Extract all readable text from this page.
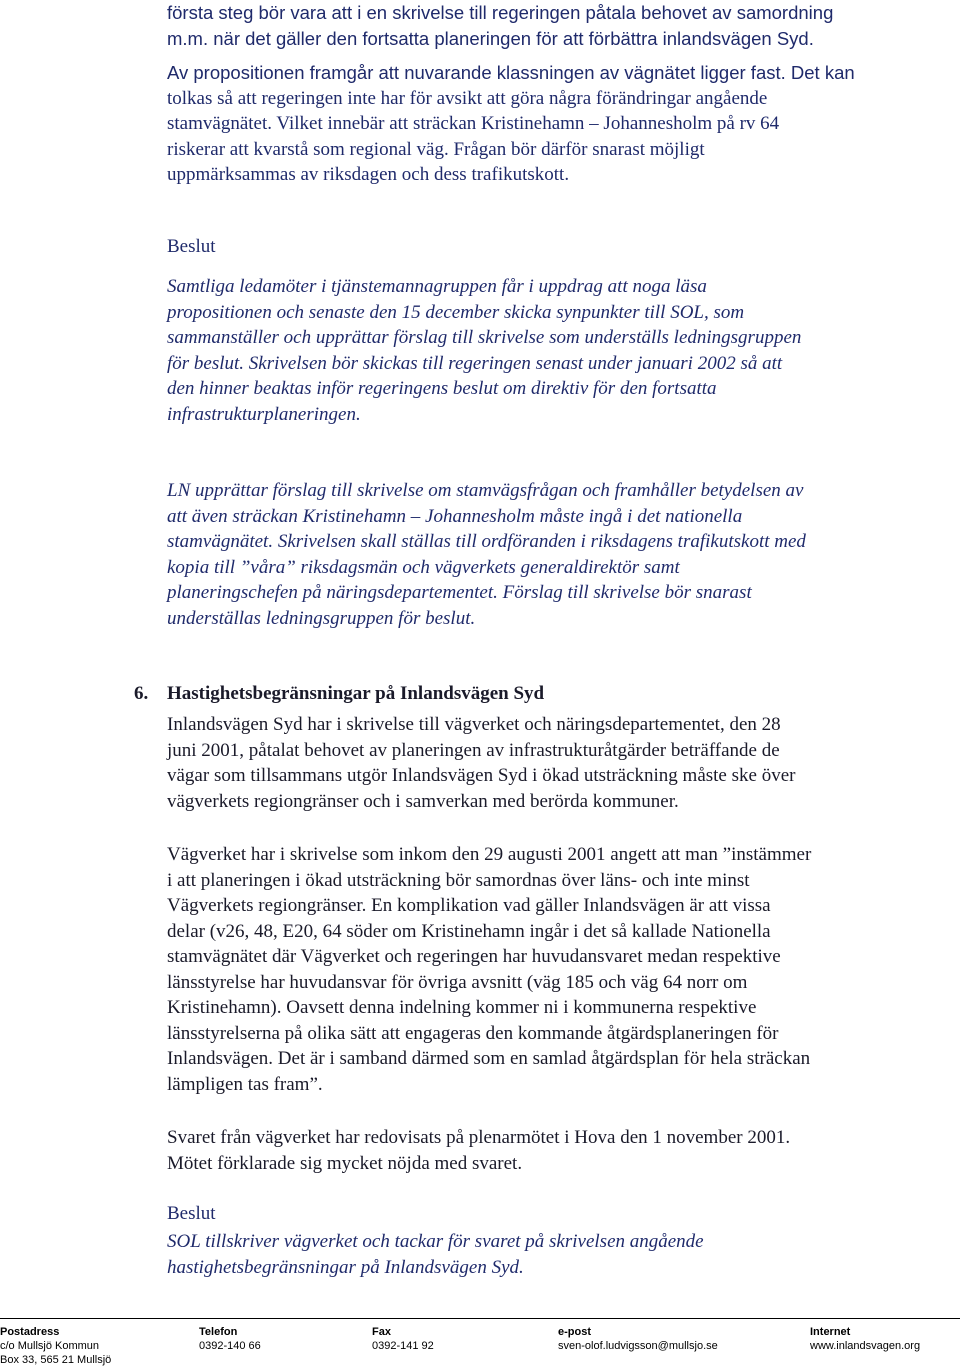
första steg bör vara att i en skrivelse till regeringen påtala behovet av samordning
m.m. när det gäller den fortsatta planeringen för att förbättra inlandsvägen Syd.
Av propositionen framgår att nuvarande klassningen av vägnätet ligger fast. Det kan
tolkas så att regeringen inte har för avsikt att göra några förändringar angående
stamvägnätet. Vilket innebär att sträckan Kristinehamn – Johannesholm på rv 64
riskerar att kvarstå som regional väg. Frågan bör därför snarast möjligt
uppmärksammas av riksdagen och dess trafikutskott.
Beslut
Samtliga ledamöter i tjänstemannagruppen får i uppdrag att noga läsa
propositionen och senaste den 15 december skicka synpunkter till SOL, som
sammanställer och upprättar förslag till skrivelse som underställs ledningsgruppen
för beslut. Skrivelsen bör skickas till regeringen senast under januari 2002 så att
den hinner beaktas inför regeringens beslut om direktiv för den fortsatta
infrastrukturplaneringen.
LN upprättar förslag till skrivelse om stamvägsfrågan och framhåller betydelsen av
att även sträckan Kristinehamn – Johannesholm måste ingå i det nationella
stamvägnätet. Skrivelsen skall ställas till ordföranden i riksdagens trafikutskott med
kopia till ”våra” riksdagsmän och vägverkets generaldirektör samt
planeringschefen på näringsdepartementet. Förslag till skrivelse bör snarast
underställas ledningsgruppen för beslut.
6. Hastighetsbegränsningar på Inlandsvägen Syd
Inlandsvägen Syd har i skrivelse till vägverket och näringsdepartementet, den 28
juni 2001, påtalat behovet av planeringen av infrastrukturåtgärder beträffande de
vägar som tillsammans utgör Inlandsvägen Syd i ökad utsträckning måste ske över
vägverkets regiongränser och i samverkan med berörda kommuner.
Vägverket har i skrivelse som inkom den 29 augusti 2001 angett att man ”instämmer
i att planeringen i ökad utsträckning bör samordnas över läns- och inte minst
Vägverkets regiongränser. En komplikation vad gäller Inlandsvägen är att vissa
delar (v26, 48, E20, 64 söder om Kristinehamn ingår i det så kallade Nationella
stamvägnätet där Vägverket och regeringen har huvudansvaret medan respektive
länsstyrelse har huvudansvar för övriga avsnitt (väg 185 och väg 64 norr om
Kristinehamn). Oavsett denna indelning kommer ni i kommunerna respektive
länsstyrelserna på olika sätt att engageras den kommande åtgärdsplaneringen för
Inlandsvägen. Det är i samband därmed som en samlad åtgärdsplan för hela sträckan
lämpligen tas fram”.
Svaret från vägverket har redovisats på plenarmötet i Hova den 1 november 2001.
Mötet förklarade sig mycket nöjda med svaret.
Beslut
SOL tillskriver vägverket och tackar för svaret på skrivelsen angående
hastighetsbegränsningar på Inlandsvägen Syd.
Postadress
c/o Mullsjö Kommun
Box 33, 565 21 Mullsjö
Telefon
0392-140 66
Fax
0392-141 92
e-post
sven-olof.ludvigsson@mullsjo.se
Internet
www.inlandsvagen.org
